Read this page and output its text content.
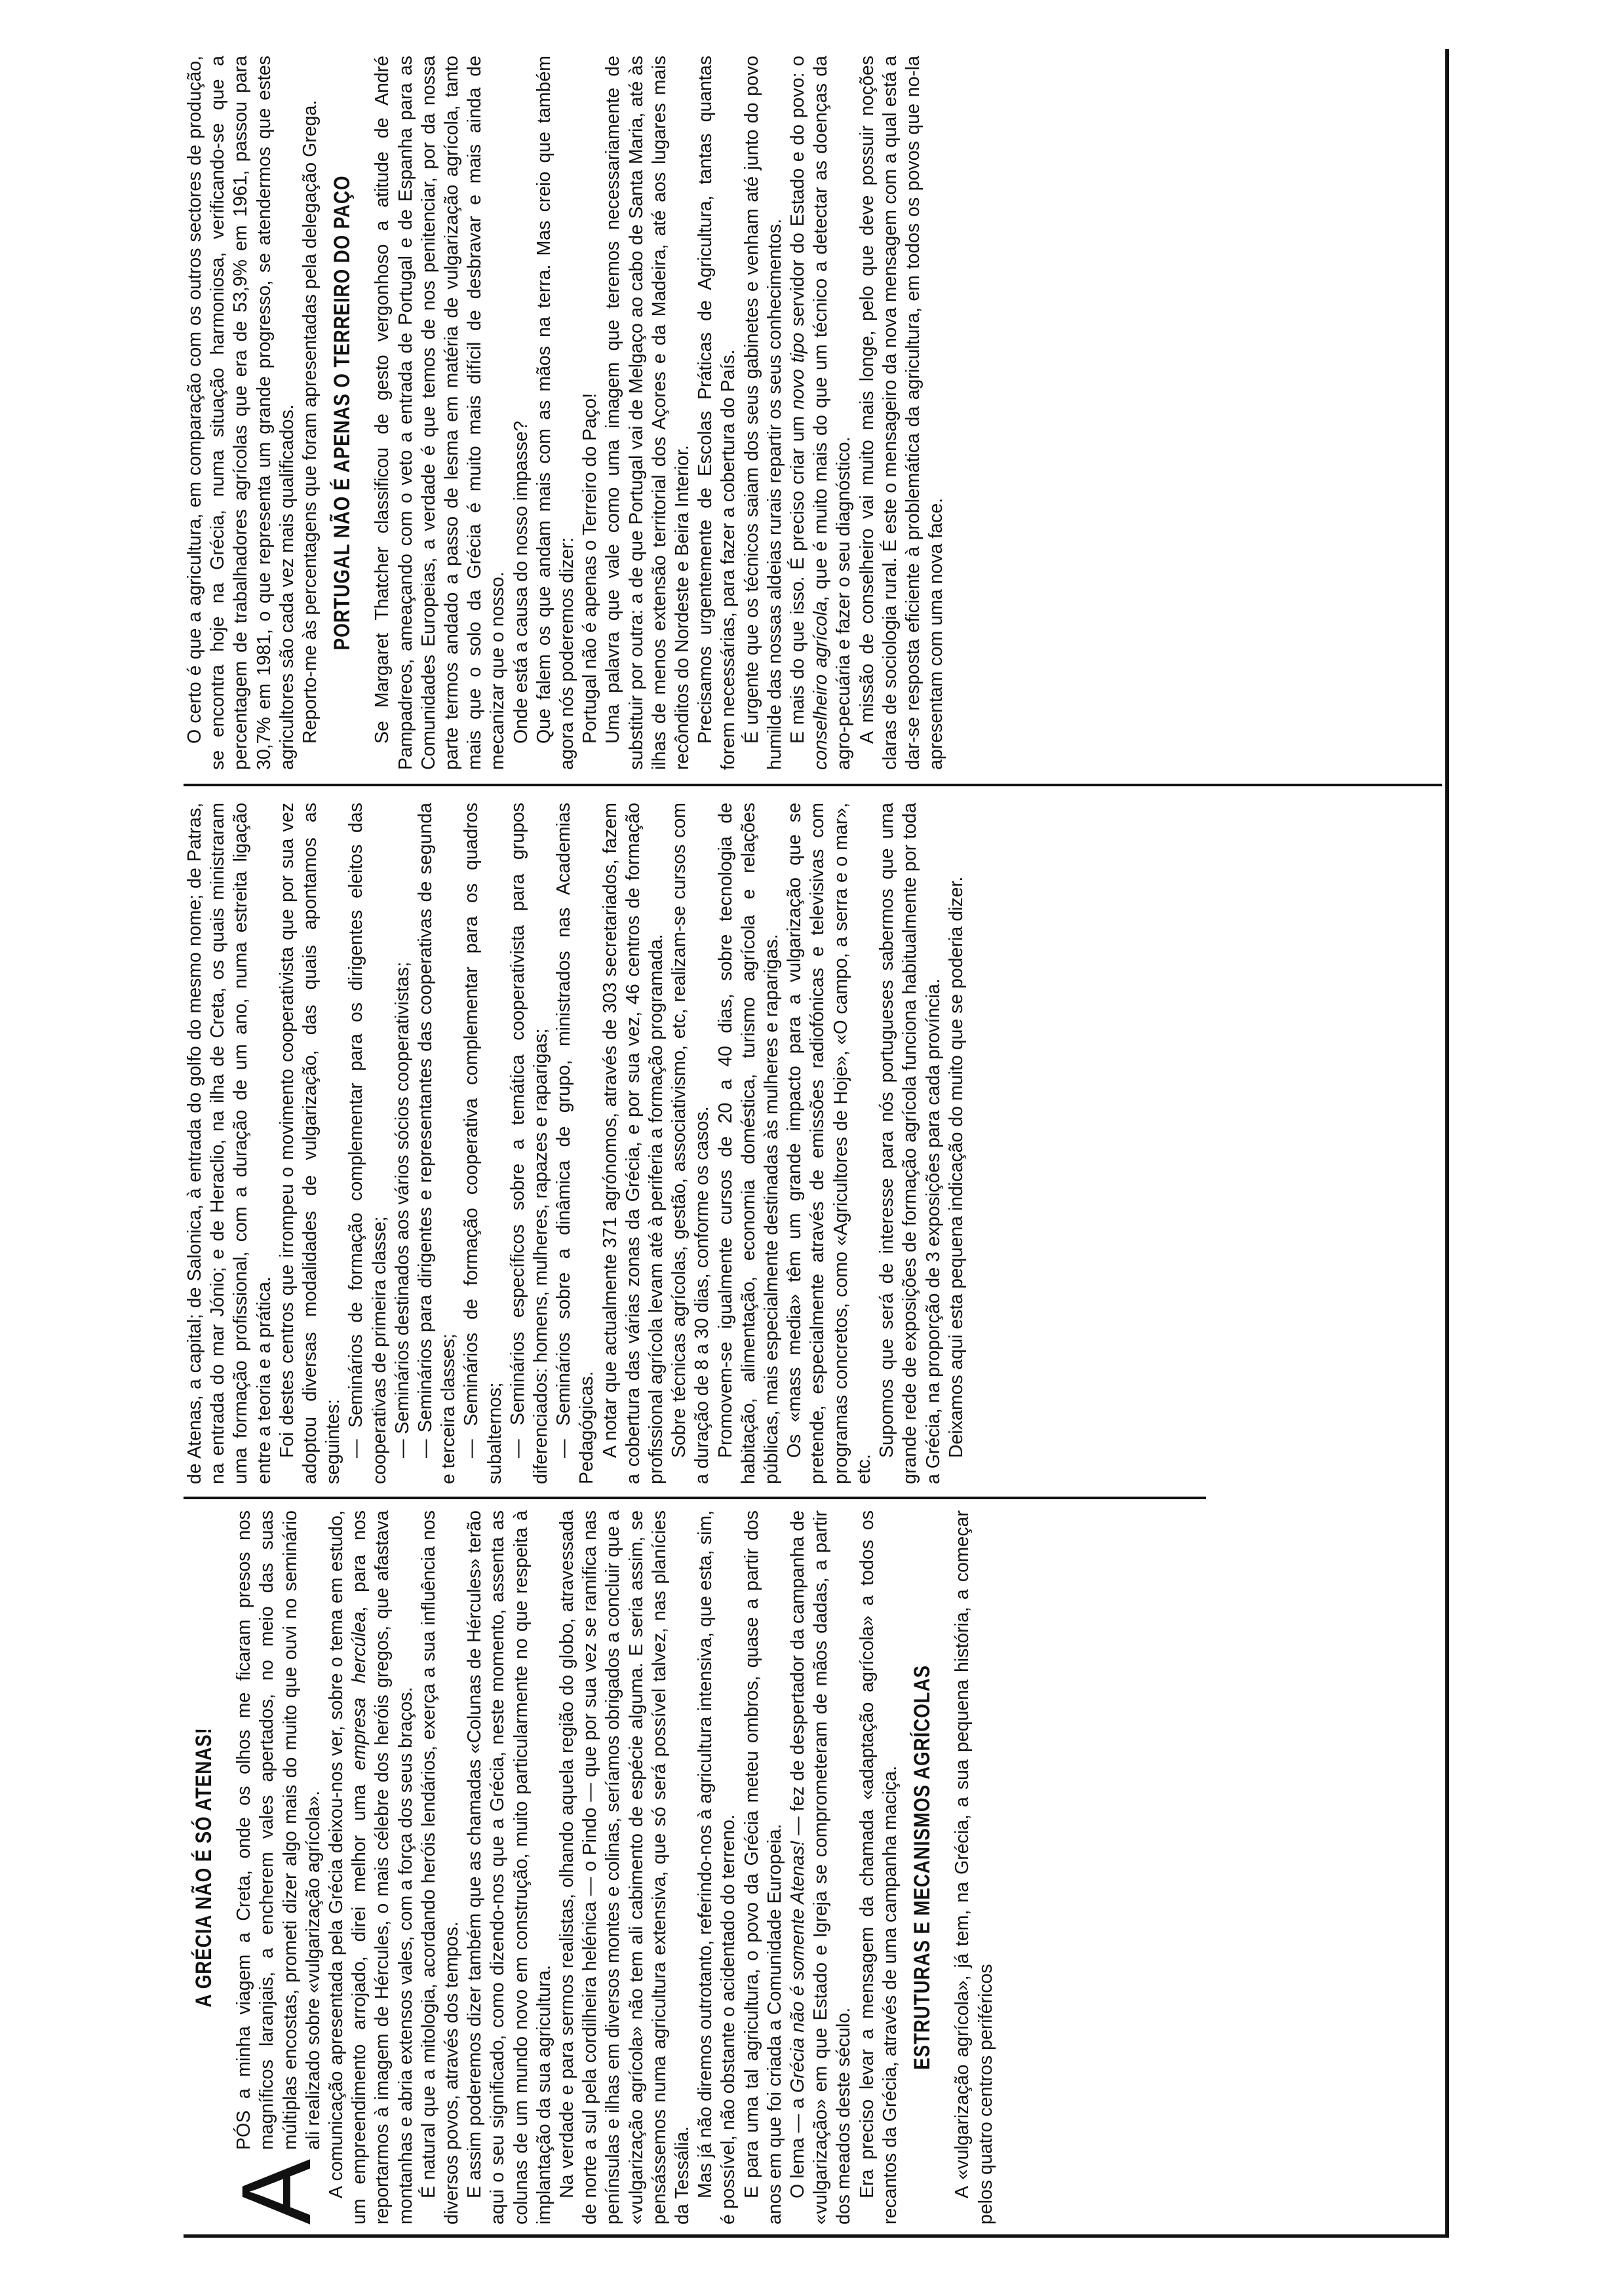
A GRÉCIA NÃO É SÓ ATENAS!

A
PÓS a minha viagem a Creta, onde os olhos me ficaram presos nos magníficos laranjais, a encherem vales apertados, no meio das suas múltiplas encostas, prometi dizer algo mais do muito que ouvi no seminário ali realizado sobre «vulgarização agrícola». A comunicação apresentada pela Grécia deixou-nos ver, sobre o tema em estudo, um empreendimento arrojado, direi melhor uma empresa hercúlea, para nos reportarmos à imagem de Hércules, o mais célebre dos heróis gregos, que afastava montanhas e abria extensos vales, com a força dos seus braços. É natural que a mitologia, acordando heróis lendários, exerça a sua influência nos diversos povos, através dos tempos. E assim poderemos dizer também que as chamadas «Colunas de Hércules» terão aqui o seu significado, como dizendo-nos que a Grécia, neste momento, assenta as colunas de um mundo novo em construção, muito particularmente no que respeita à implantação da sua agricultura. Na verdade e para sermos realistas, olhando aquela região do globo, atravessada de norte a sul pela cordilheira helénica — o Pindo — que por sua vez se ramifica nas penínsulas e ilhas em diversos montes e colinas, seríamos obrigados a concluir que a «vulgarização agrícola» não tem ali cabimento de espécie alguma. E seria assim, se pensássemos numa agricultura extensiva, que só será possível talvez, nas planícies da Tessália. Mas já não diremos outrotanto, referindo-nos à agricultura intensiva, que esta, sim, é possível, não obstante o acidentado do terreno. E para uma tal agricultura, o povo da Grécia meteu ombros, quase a partir dos anos em que foi criada a Comunidade Europeia. O lema — a Grécia não é somente Atenas! — fez de despertador da campanha de «vulgarização» em que Estado e Igreja se comprometeram de mãos dadas, a partir dos meados deste século. Era preciso levar a mensagem da chamada «adaptação agrícola» a todos os recantos da Grécia, através de uma campanha maciça. ESTRUTURAS E MECANISMOS AGRÍCOLAS A «vulgarização agrícola», já tem, na Grécia, a sua pequena história, a começar pelos quatro centros periféricos

de Atenas, a capital; de Salonica, à entrada do golfo do mesmo nome; de Patras, na entrada do mar Jónio; e de Heraclio, na ilha de Creta, os quais ministraram uma formação profissional, com a duração de um ano, numa estreita ligação entre a teoria e a prática. Foi destes centros que irrompeu o movimento cooperativista que por sua vez adoptou diversas modalidades de vulgarização, das quais apontamos as seguintes: — Seminários de formação complementar para os dirigentes eleitos das cooperativas de primeira classe; — Seminários destinados aos vários sócios cooperativistas; — Seminários para dirigentes e representantes das cooperativas de segunda e terceira classes; — Seminários de formação cooperativa complementar para os quadros subalternos; — Seminários específicos sobre a temática cooperativista para grupos diferenciados: homens, mulheres, rapazes e raparigas; — Seminários sobre a dinâmica de grupo, ministrados nas Academias Pedagógicas. A notar que actualmente 371 agrónomos, através de 303 secretariados, fazem a cobertura das várias zonas da Grécia, e por sua vez, 46 centros de formação profissional agrícola levam até à periferia a formação programada. Sobre técnicas agrícolas, gestão, associativismo, etc, realizam-se cursos com a duração de 8 a 30 dias, conforme os casos. Promovem-se igualmente cursos de 20 a 40 dias, sobre tecnologia de habitação, alimentação, economia doméstica, turismo agrícola e relações públicas, mais especialmente destinadas às mulheres e raparigas. Os «mass media» têm um grande impacto para a vulgarização que se pretende, especialmente através de emissões radiofónicas e televisivas com programas concretos, como «Agricultores de Hoje», «O campo, a serra e o mar», etc.

Supomos que será de interesse para nós portugueses sabermos que uma grande rede de exposições de formação agrícola funciona habitualmente por toda a Grécia, na proporção de 3 exposições para cada província. Deixamos aqui esta pequena indicação do muito que se poderia dizer.

O certo é que a agricultura, em comparação com os outros sectores de produção, se encontra hoje na Grécia, numa situação harmoniosa, verificando-se que a percentagem de trabalhadores agrícolas que era de 53,9% em 1961, passou para 30,7% em 1981, o que representa um grande progresso, se atendermos que estes agricultores são cada vez mais qualificados. Reporto-me às percentagens que foram apresentadas pela delegação Grega. PORTUGAL NÃO É APENAS O TERREIRO DO PAÇO Se Margaret Thatcher classificou de gesto vergonhoso a atitude de André Pampadreos, ameaçando com o veto a entrada de Portugal e de Espanha para as Comunidades Europeias, a verdade é que temos de nos penitenciar, por da nossa parte termos andado a passo de lesma em matéria de vulgarização agrícola, tanto mais que o solo da Grécia é muito mais difícil de desbravar e mais ainda de mecanizar que o nosso. Onde está a causa do nosso impasse? Que falem os que andam mais com as mãos na terra. Mas creio que também agora nós poderemos dizer: Portugal não é apenas o Terreiro do Paço! Uma palavra que vale como uma imagem que teremos necessariamente de substituir por outra: a de que Portugal vai de Melgaço ao cabo de Santa Maria, até às ilhas de menos extensão territorial dos Açores e da Madeira, até aos lugares mais recônditos do Nordeste e Beira Interior. Precisamos urgentemente de Escolas Práticas de Agricultura, tantas quantas forem necessárias, para fazer a cobertura do País. É urgente que os técnicos saiam dos seus gabinetes e venham até junto do povo humilde das nossas aldeias rurais repartir os seus conhecimentos. E mais do que isso. É preciso criar um novo tipo servidor do Estado e do povo: o conselheiro agrícola, que é muito mais do que um técnico a detectar as doenças da agro-pecuária e fazer o seu diagnóstico. A missão de conselheiro vai muito mais longe, pelo que deve possuir noções claras de sociologia rural. É este o mensageiro da nova mensagem com a qual está a dar-se resposta eficiente à problemática da agricultura, em todos os povos que no-la apresentam com uma nova face.
